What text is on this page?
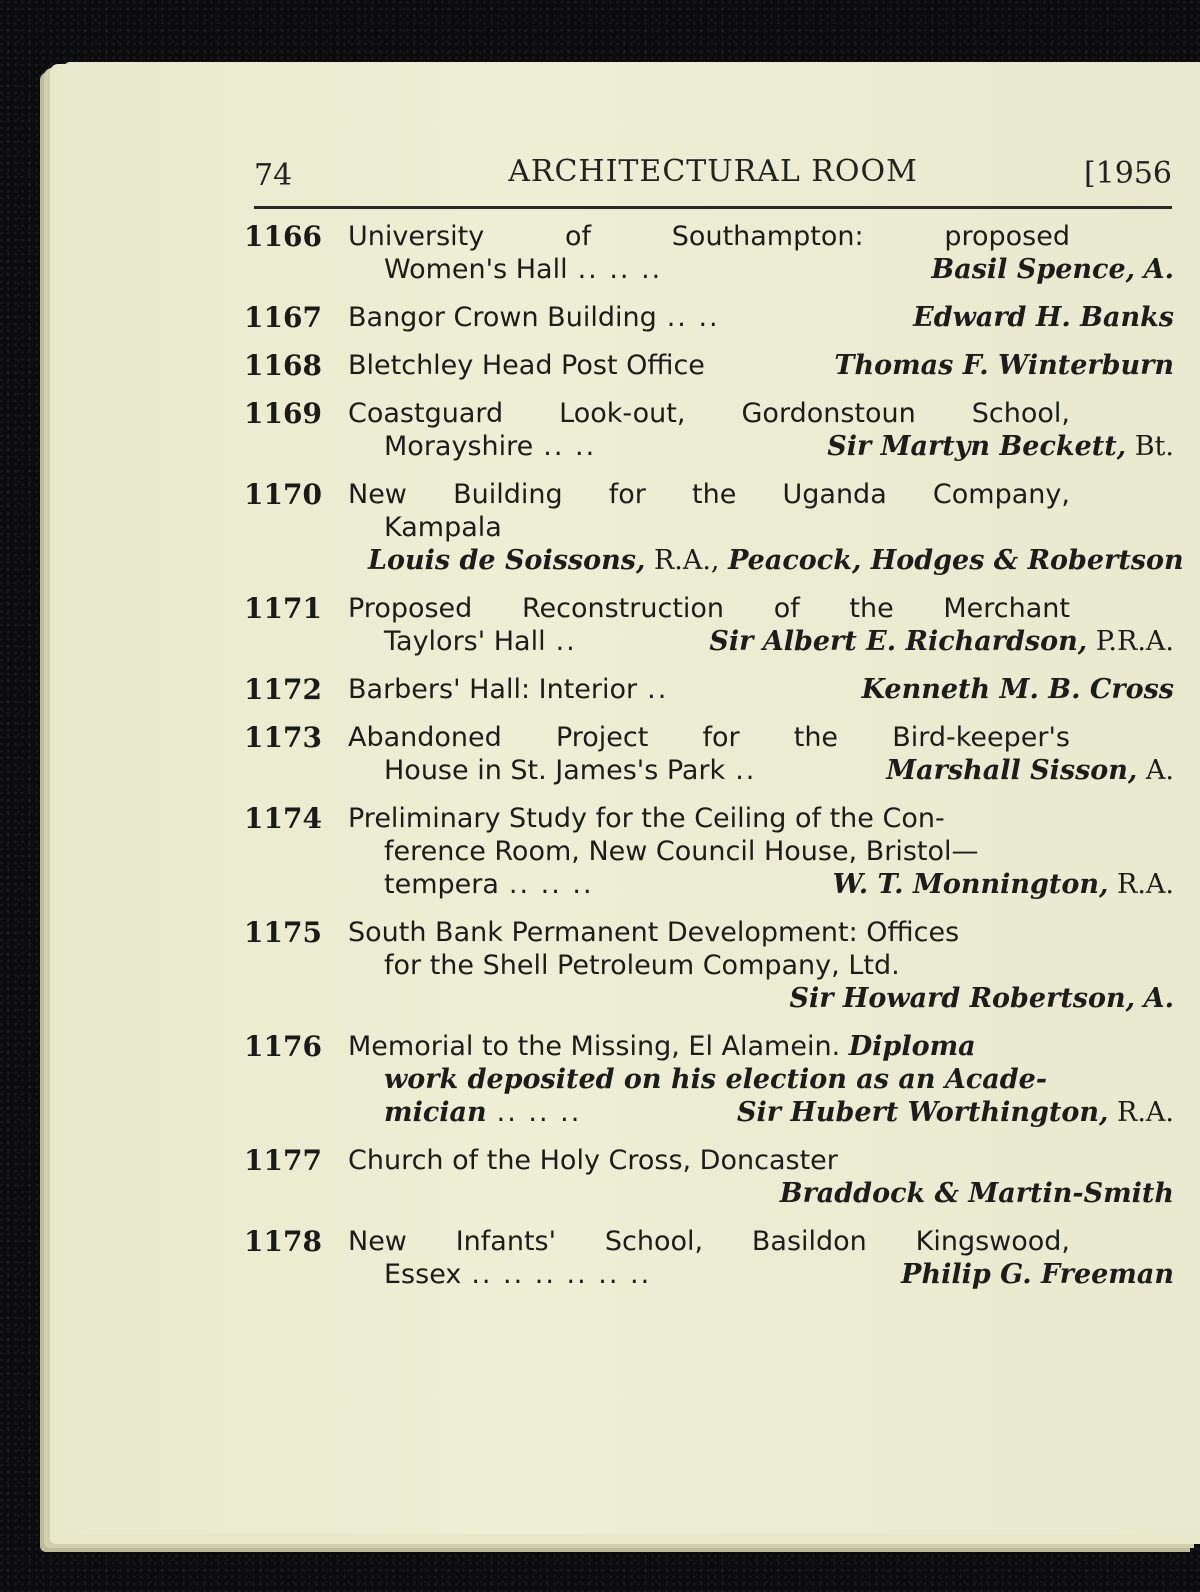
74	ARCHITECTURAL ROOM	[1956
1166 University	of	Southampton:	proposed
Women's Hall .. .. ..	Basil Spence, A.
1167 Bangor Crown Building .. ..	Edward H. Banks
1168 Bletchley Head Post Office	Thomas F. Winterburn
1169 Coastguard Look-out, Gordonstoun School,
Morayshire .. ..	Sir Martyn Beckett, Bt.
1170 New Building for the Uganda Company,
Kampala
Louis de Soissons, R.A., Peacock, Hodges & Robertson
1171 Proposed Reconstruction of the Merchant
Taylors' Hall ..	Sir Albert E. Richardson, P.R.A.
1172 Barbers' Hall: Interior ..	Kenneth M. B. Cross
1173 Abandoned Project for the Bird-keeper's
House in St. James's Park ..	Marshall Sisson, A.
1174 Preliminary Study for the Ceiling of the Con-
ference Room, New Council House, Bristol—
tempera .. .. ..	W. T. Monnington, R.A.
1175 South Bank Permanent Development: Offices
for the Shell Petroleum Company, Ltd.
Sir Howard Robertson, A.
1176 Memorial to the Missing, El Alamein. Diploma
work deposited on his election as an Acade-
mician .. .. ..	Sir Hubert Worthington, R.A.
1177 Church of the Holy Cross, Doncaster
Braddock & Martin-Smith
1178 New Infants' School, Basildon Kingswood,
Essex .. .. .. .. .. ..	Philip G. Freeman
